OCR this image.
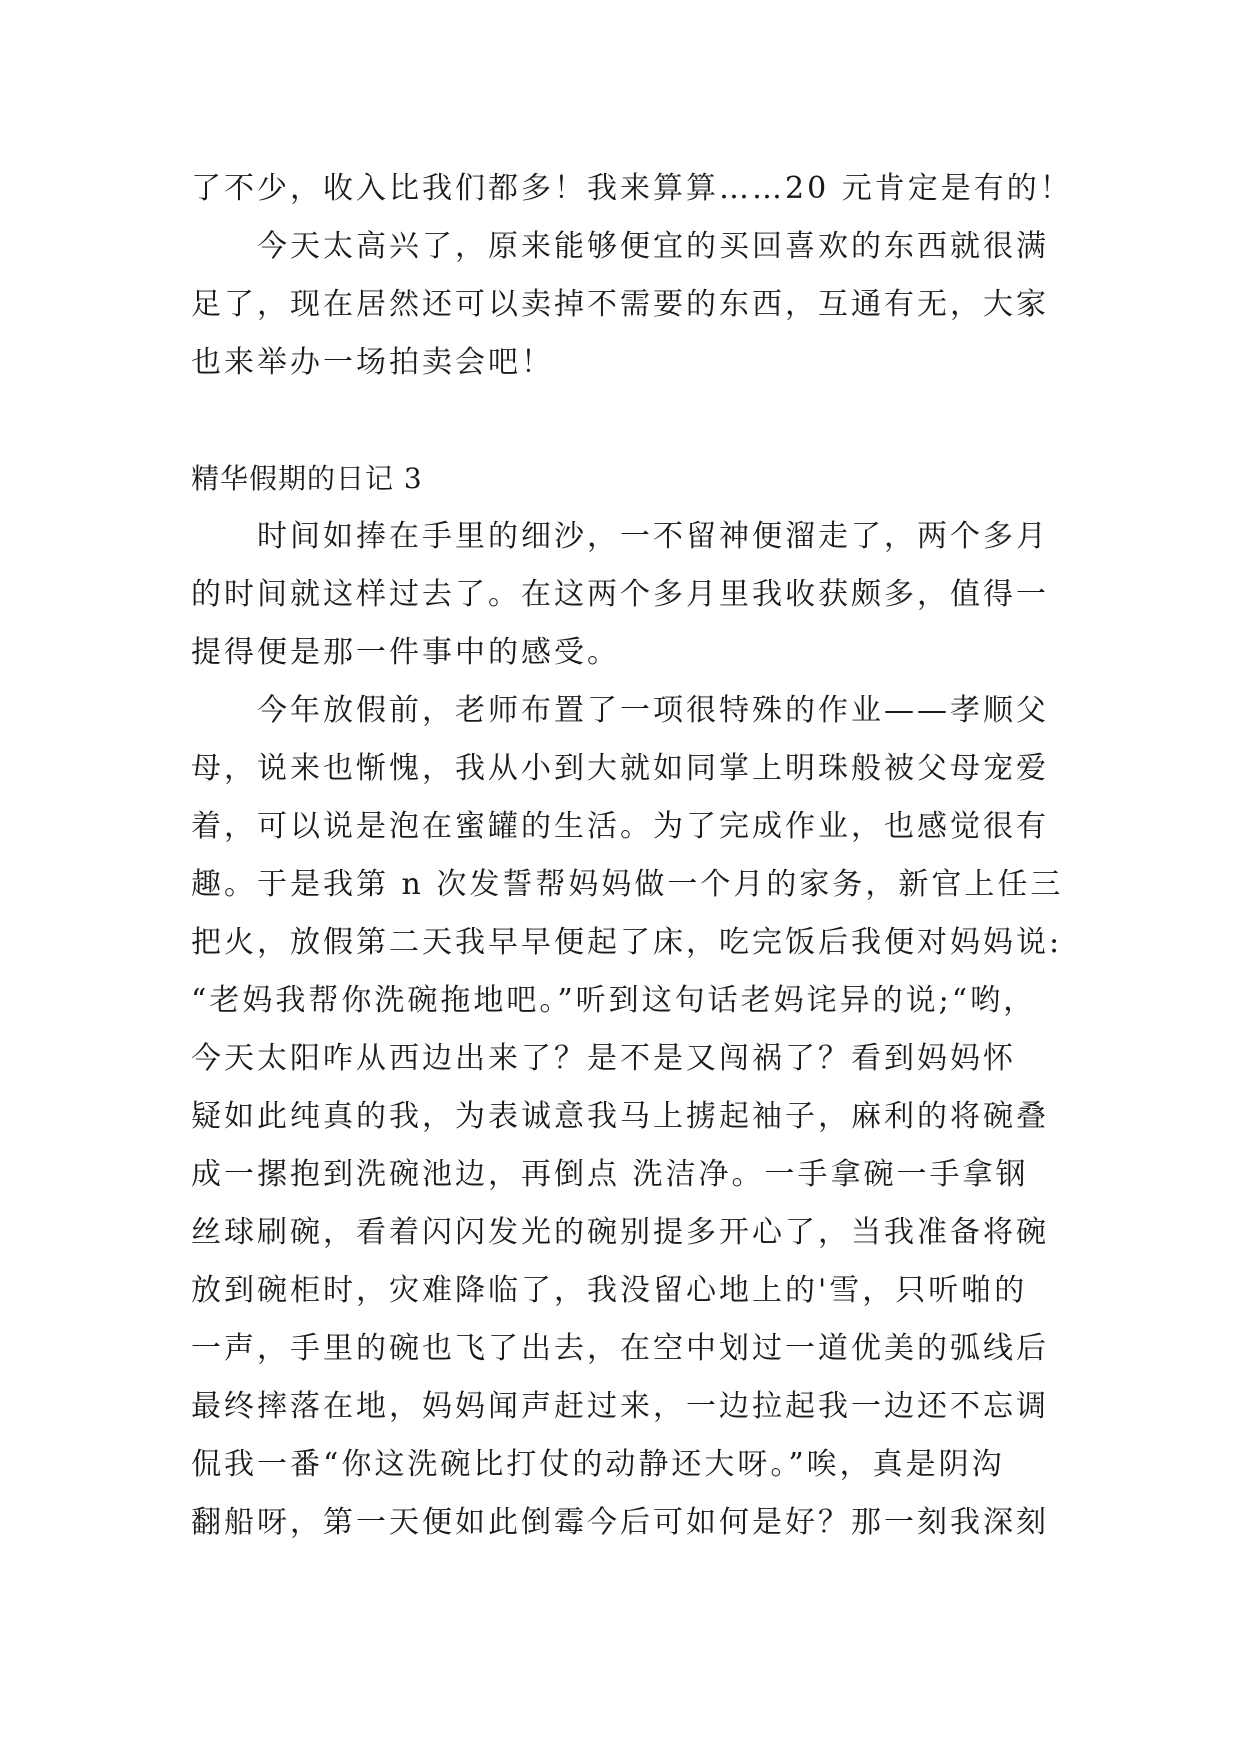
了不少，收入比我们都多！我来算算……20 元肯定是有的！
今天太高兴了，原来能够便宜的买回喜欢的东西就很满
足了，现在居然还可以卖掉不需要的东西，互通有无，大家
也来举办一场拍卖会吧！
精华假期的日记 3
时间如捧在手里的细沙，一不留神便溜走了，两个多月
的时间就这样过去了。在这两个多月里我收获颇多，值得一
提得便是那一件事中的感受。
今年放假前，老师布置了一项很特殊的作业——孝顺父
母，说来也惭愧，我从小到大就如同掌上明珠般被父母宠爱
着，可以说是泡在蜜罐的生活。为了完成作业，也感觉很有
趣。于是我第 n 次发誓帮妈妈做一个月的家务，新官上任三
把火，放假第二天我早早便起了床，吃完饭后我便对妈妈说:
“老妈我帮你洗碗拖地吧。”听到这句话老妈诧异的说;“哟，
今天太阳咋从西边出来了？是不是又闯祸了？看到妈妈怀
疑如此纯真的我，为表诚意我马上掳起袖子，麻利的将碗叠
成一摞抱到洗碗池边，再倒点 洗洁净。一手拿碗一手拿钢
丝球刷碗，看着闪闪发光的碗别提多开心了，当我准备将碗
放到碗柜时，灾难降临了，我没留心地上的'雪，只听啪的
一声，手里的碗也飞了出去，在空中划过一道优美的弧线后
最终摔落在地，妈妈闻声赶过来，一边拉起我一边还不忘调
侃我一番“你这洗碗比打仗的动静还大呀。”唉，真是阴沟
翻船呀，第一天便如此倒霉今后可如何是好？那一刻我深刻
